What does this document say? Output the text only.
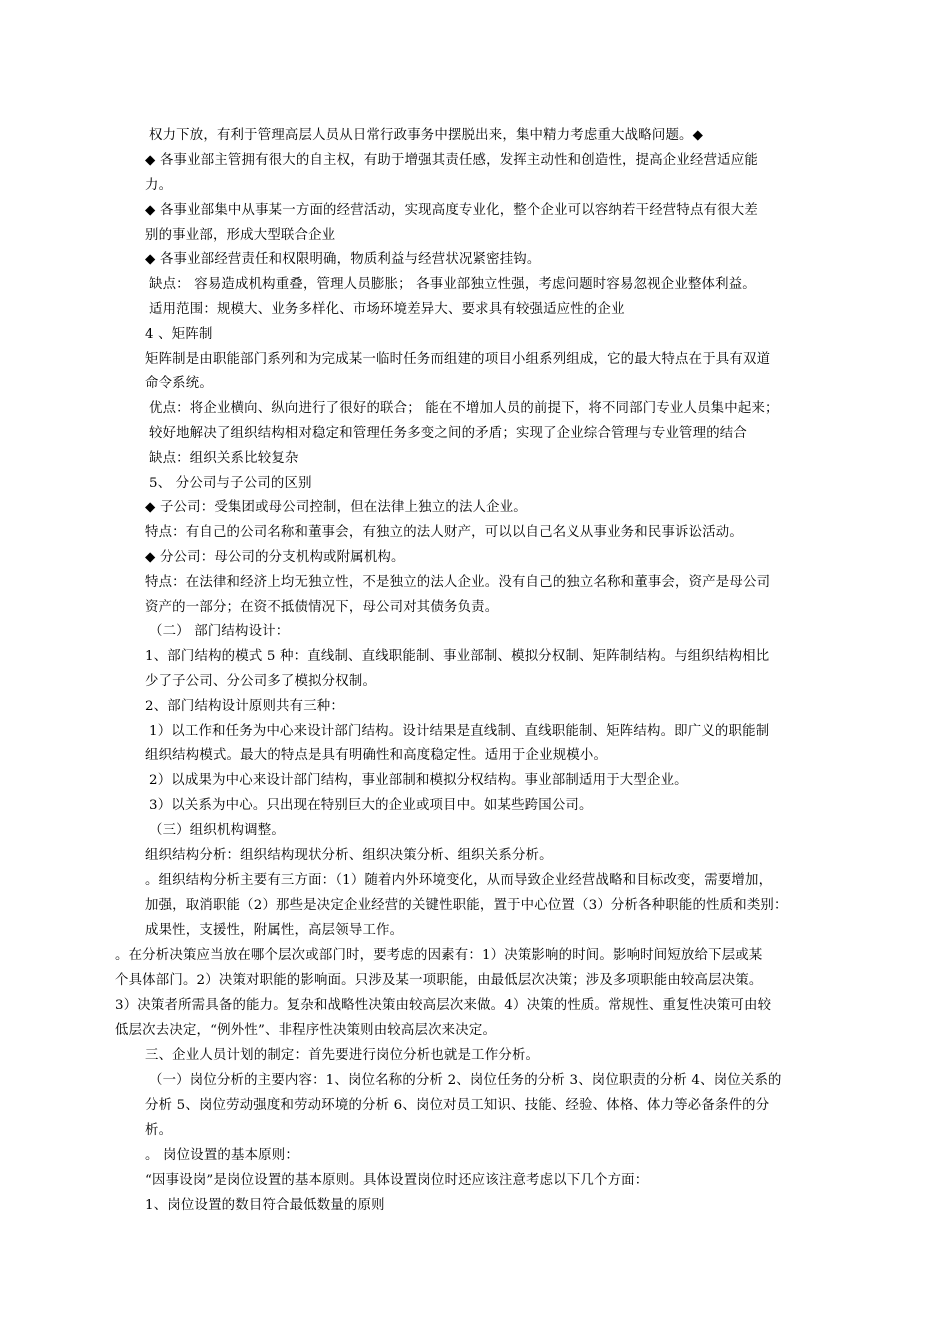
权力下放，有利于管理高层人员从日常行政事务中摆脱出来，集中精力考虑重大战略问题。◆
◆ 各事业部主管拥有很大的自主权，有助于增强其责任感，发挥主动性和创造性，提高企业经营适应能
力。
◆ 各事业部集中从事某一方面的经营活动，实现高度专业化，整个企业可以容纳若干经营特点有很大差
别的事业部，形成大型联合企业
◆ 各事业部经营责任和权限明确，物质利益与经营状况紧密挂钩。
缺点： 容易造成机构重叠，管理人员膨胀； 各事业部独立性强，考虑问题时容易忽视企业整体利益。
适用范围：规模大、业务多样化、市场环境差异大、要求具有较强适应性的企业
4 、矩阵制
矩阵制是由职能部门系列和为完成某一临时任务而组建的项目小组系列组成，它的最大特点在于具有双道
命令系统。
优点：将企业横向、纵向进行了很好的联合； 能在不增加人员的前提下，将不同部门专业人员集中起来；
较好地解决了组织结构相对稳定和管理任务多变之间的矛盾；实现了企业综合管理与专业管理的结合
缺点：组织关系比较复杂
5、 分公司与子公司的区别
◆ 子公司：受集团或母公司控制，但在法律上独立的法人企业。
特点：有自己的公司名称和董事会，有独立的法人财产，可以以自己名义从事业务和民事诉讼活动。
◆ 分公司：母公司的分支机构或附属机构。
特点：在法律和经济上均无独立性，不是独立的法人企业。没有自己的独立名称和董事会，资产是母公司
资产的一部分；在资不抵债情况下，母公司对其债务负责。
（二） 部门结构设计：
1、部门结构的模式 5 种：直线制、直线职能制、事业部制、模拟分权制、矩阵制结构。与组织结构相比
少了子公司、分公司多了模拟分权制。
2、部门结构设计原则共有三种：
1）以工作和任务为中心来设计部门结构。设计结果是直线制、直线职能制、矩阵结构。即广义的职能制
组织结构模式。最大的特点是具有明确性和高度稳定性。适用于企业规模小。
2）以成果为中心来设计部门结构，事业部制和模拟分权结构。事业部制适用于大型企业。
3）以关系为中心。只出现在特别巨大的企业或项目中。如某些跨国公司。
（三）组织机构调整。
组织结构分析：组织结构现状分析、组织决策分析、组织关系分析。
。组织结构分析主要有三方面：（1）随着内外环境变化，从而导致企业经营战略和目标改变，需要增加，
加强，取消职能（2）那些是决定企业经营的关键性职能，置于中心位置（3）分析各种职能的性质和类别：
成果性，支援性，附属性，高层领导工作。
。在分析决策应当放在哪个层次或部门时，要考虑的因素有：1）决策影响的时间。影响时间短放给下层或某
个具体部门。2）决策对职能的影响面。只涉及某一项职能，由最低层次决策；涉及多项职能由较高层决策。
3）决策者所需具备的能力。复杂和战略性决策由较高层次来做。4）决策的性质。常规性、重复性决策可由较
低层次去决定，“例外性”、非程序性决策则由较高层次来决定。
三、企业人员计划的制定：首先要进行岗位分析也就是工作分析。
（一）岗位分析的主要内容：1、岗位名称的分析 2、岗位任务的分析 3、岗位职责的分析 4、岗位关系的
分析 5、岗位劳动强度和劳动环境的分析 6、岗位对员工知识、技能、经验、体格、体力等必备条件的分
析。
。 岗位设置的基本原则：
“因事设岗”是岗位设置的基本原则。具体设置岗位时还应该注意考虑以下几个方面：
1、岗位设置的数目符合最低数量的原则
